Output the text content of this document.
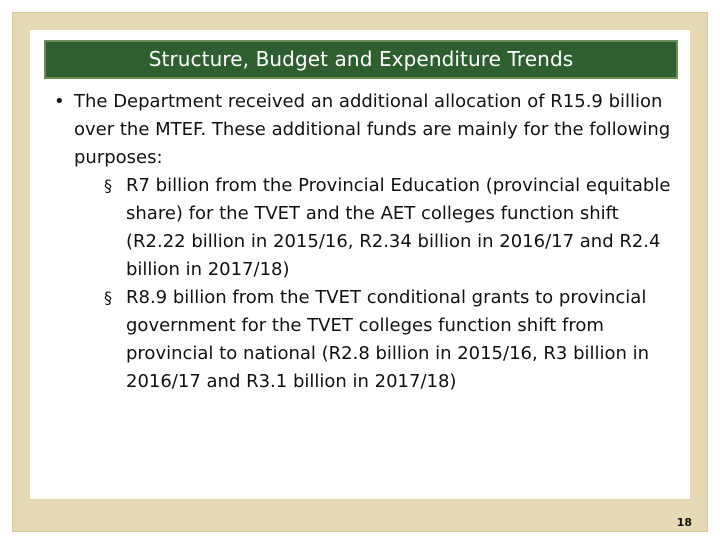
Structure, Budget and Expenditure Trends
• The Department received an additional allocation of R15.9 billion over the MTEF. These additional funds are mainly for the following purposes:
§ R7 billion from the Provincial Education (provincial equitable share) for the TVET and the AET colleges function shift (R2.22 billion in 2015/16, R2.34 billion in 2016/17 and R2.4 billion in 2017/18)
§ R8.9 billion from the TVET conditional grants to provincial government for the TVET colleges function shift from provincial to national (R2.8 billion in 2015/16, R3 billion in 2016/17 and R3.1 billion in 2017/18)
18
